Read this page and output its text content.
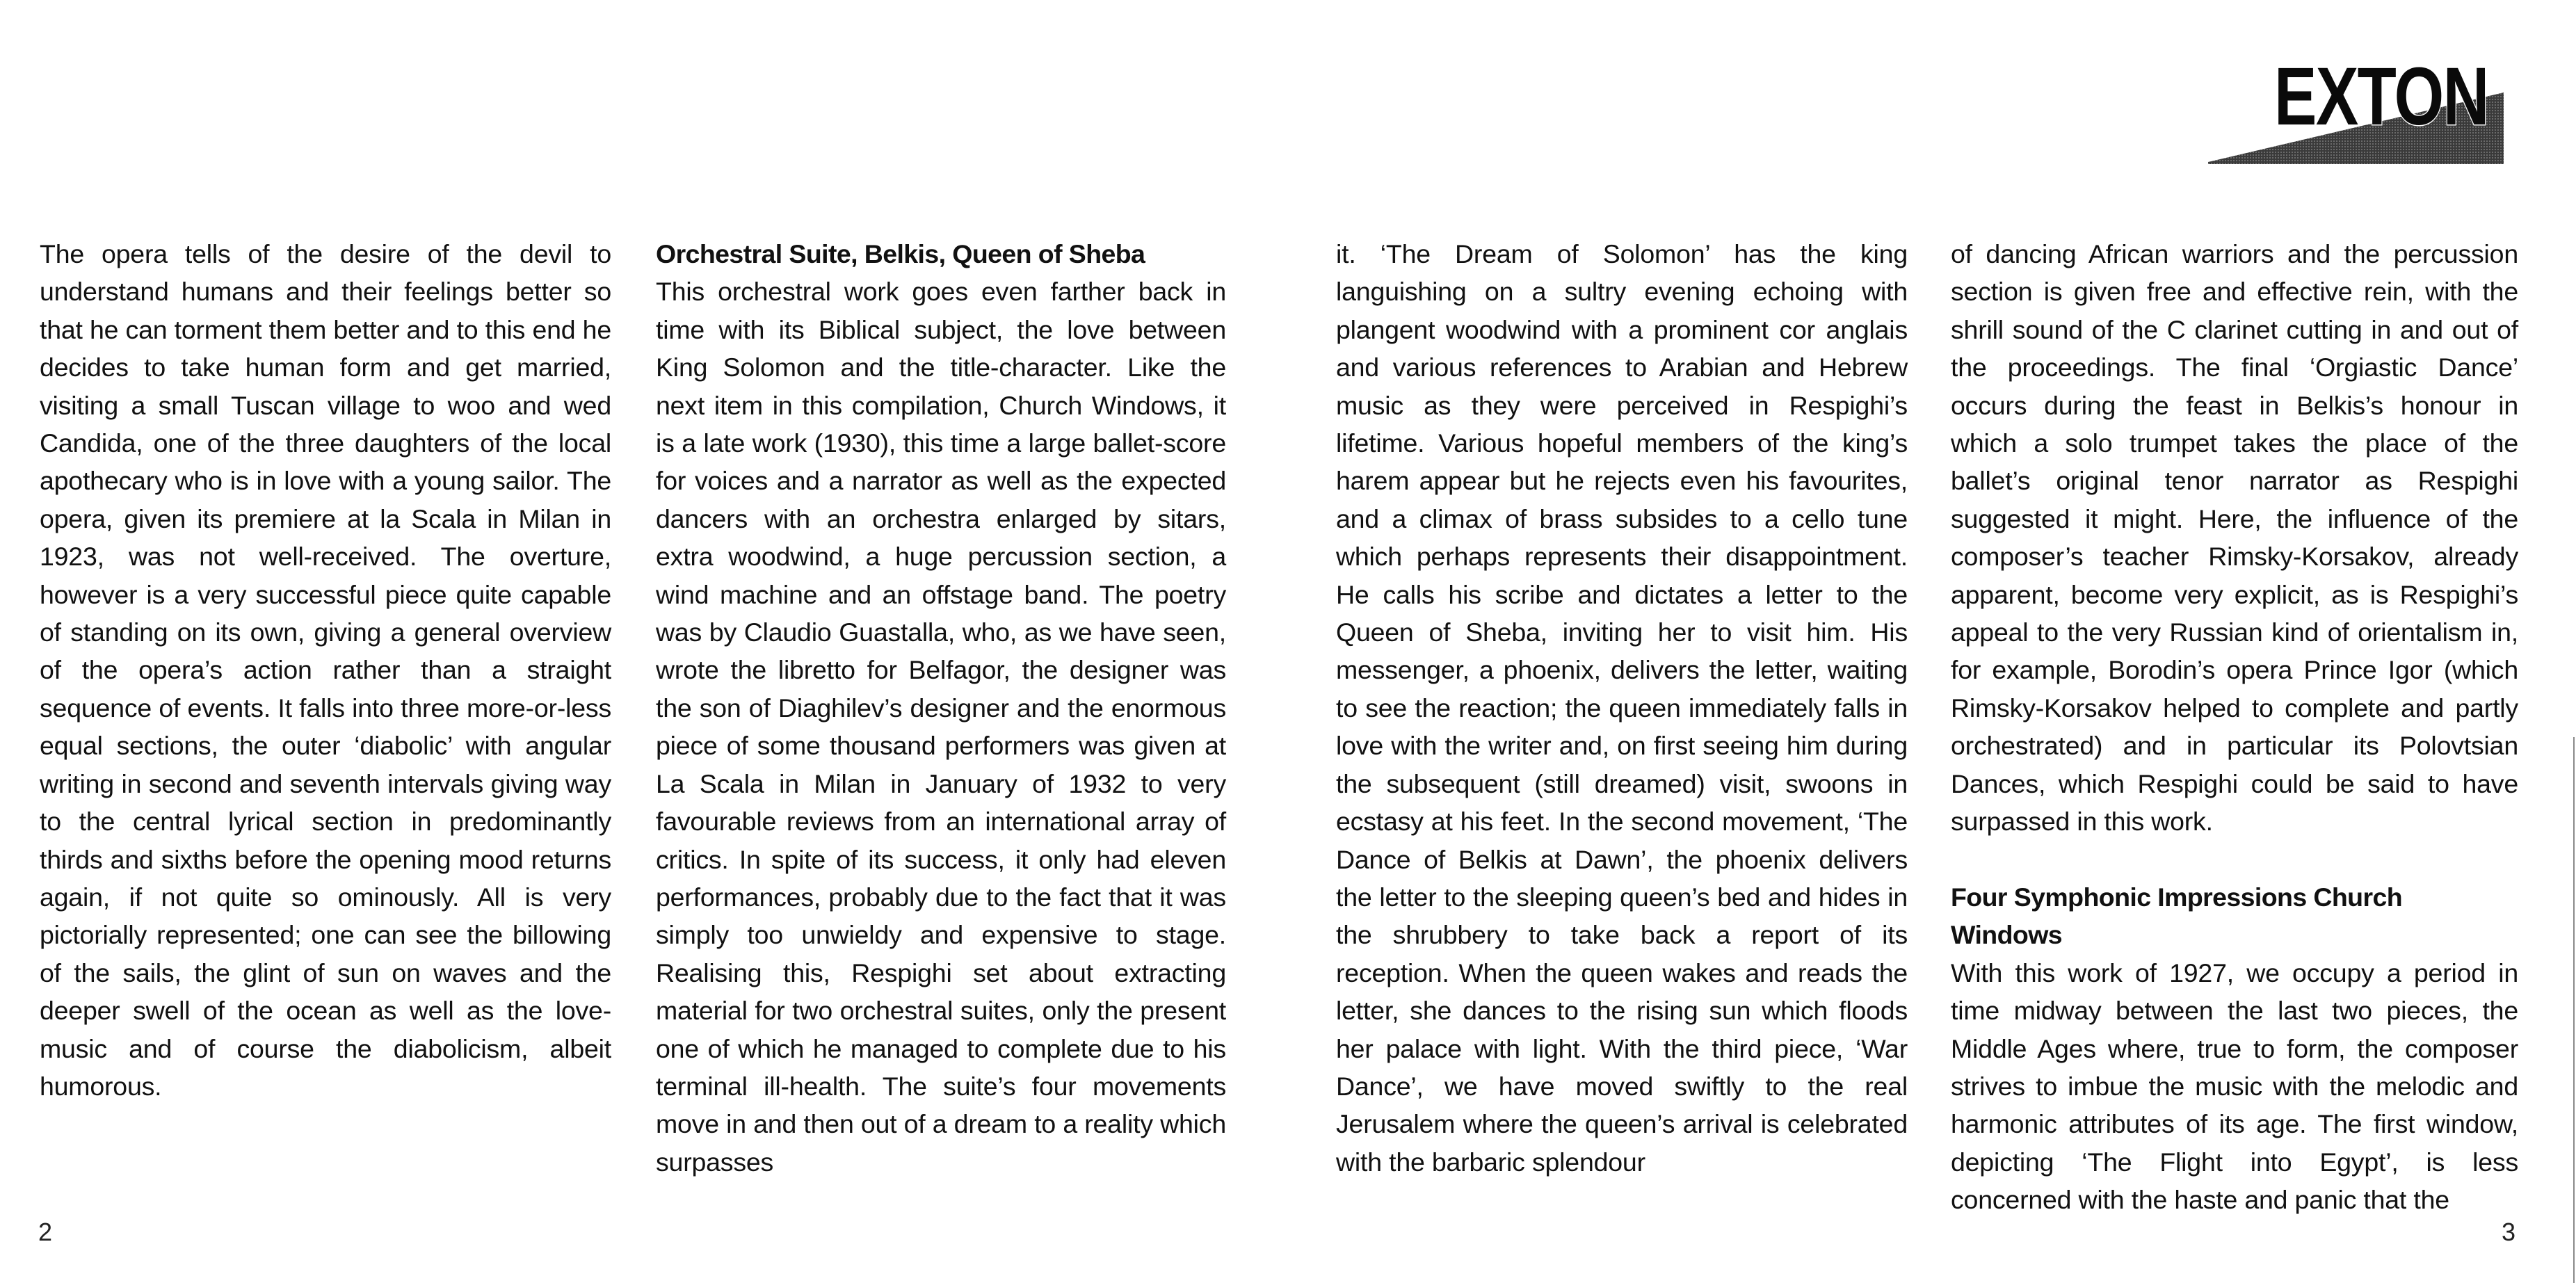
EXTON

The opera tells of the desire of the devil to understand humans and their feelings better so that he can torment them better and to this end he decides to take human form and get married, visiting a small Tuscan village to woo and wed Candida, one of the three daughters of the local apothecary who is in love with a young sailor. The opera, given its premiere at la Scala in Milan in 1923, was not well-received. The overture, however is a very successful piece quite capable of standing on its own, giving a general overview of the opera’s action rather than a straight sequence of events. It falls into three more-or-less equal sections, the outer ‘diabolic’ with angular writing in second and seventh intervals giving way to the central lyrical section in predominantly thirds and sixths before the opening mood returns again, if not quite so ominously. All is very pictorially represented; one can see the billowing of the sails, the glint of sun on waves and the deeper swell of the ocean as well as the love-music and of course the diabolicism, albeit humorous.

Orchestral Suite, Belkis, Queen of Sheba

This orchestral work goes even farther back in time with its Biblical subject, the love between King Solomon and the title-character. Like the next item in this compilation, Church Windows, it is a late work (1930), this time a large ballet-score for voices and a narrator as well as the expected dancers with an orchestra enlarged by sitars, extra woodwind, a huge percussion section, a wind machine and an offstage band. The poetry was by Claudio Guastalla, who, as we have seen, wrote the libretto for Belfagor, the designer was the son of Diaghilev’s designer and the enormous piece of some thousand performers was given at La Scala in Milan in January of 1932 to very favourable reviews from an international array of critics. In spite of its success, it only had eleven performances, probably due to the fact that it was simply too unwieldy and expensive to stage. Realising this, Respighi set about extracting material for two orchestral suites, only the present one of which he managed to complete due to his terminal ill-health. The suite’s four movements move in and then out of a dream to a reality which surpasses

it. ‘The Dream of Solomon’ has the king languishing on a sultry evening echoing with plangent woodwind with a prominent cor anglais and various references to Arabian and Hebrew music as they were perceived in Respighi’s lifetime. Various hopeful members of the king’s harem appear but he rejects even his favourites, and a climax of brass subsides to a cello tune which perhaps represents their disappointment. He calls his scribe and dictates a letter to the Queen of Sheba, inviting her to visit him. His messenger, a phoenix, delivers the letter, waiting to see the reaction; the queen immediately falls in love with the writer and, on first seeing him during the subsequent (still dreamed) visit, swoons in ecstasy at his feet. In the second movement, ‘The Dance of Belkis at Dawn’, the phoenix delivers the letter to the sleeping queen’s bed and hides in the shrubbery to take back a report of its reception. When the queen wakes and reads the letter, she dances to the rising sun which floods her palace with light. With the third piece, ‘War Dance’, we have moved swiftly to the real Jerusalem where the queen’s arrival is celebrated with the barbaric splendour

of dancing African warriors and the percussion section is given free and effective rein, with the shrill sound of the C clarinet cutting in and out of the proceedings. The final ‘Orgiastic Dance’ occurs during the feast in Belkis’s honour in which a solo trumpet takes the place of the ballet’s original tenor narrator as Respighi suggested it might. Here, the influence of the composer’s teacher Rimsky-Korsakov, already apparent, become very explicit, as is Respighi’s appeal to the very Russian kind of orientalism in, for example, Borodin’s opera Prince Igor (which Rimsky-Korsakov helped to complete and partly orchestrated) and in particular its Polovtsian Dances, which Respighi could be said to have surpassed in this work.

Four Symphonic Impressions Church Windows

With this work of 1927, we occupy a period in time midway between the last two pieces, the Middle Ages where, true to form, the composer strives to imbue the music with the melodic and harmonic attributes of its age. The first window, depicting ‘The Flight into Egypt’, is less concerned with the haste and panic that the

2	3
